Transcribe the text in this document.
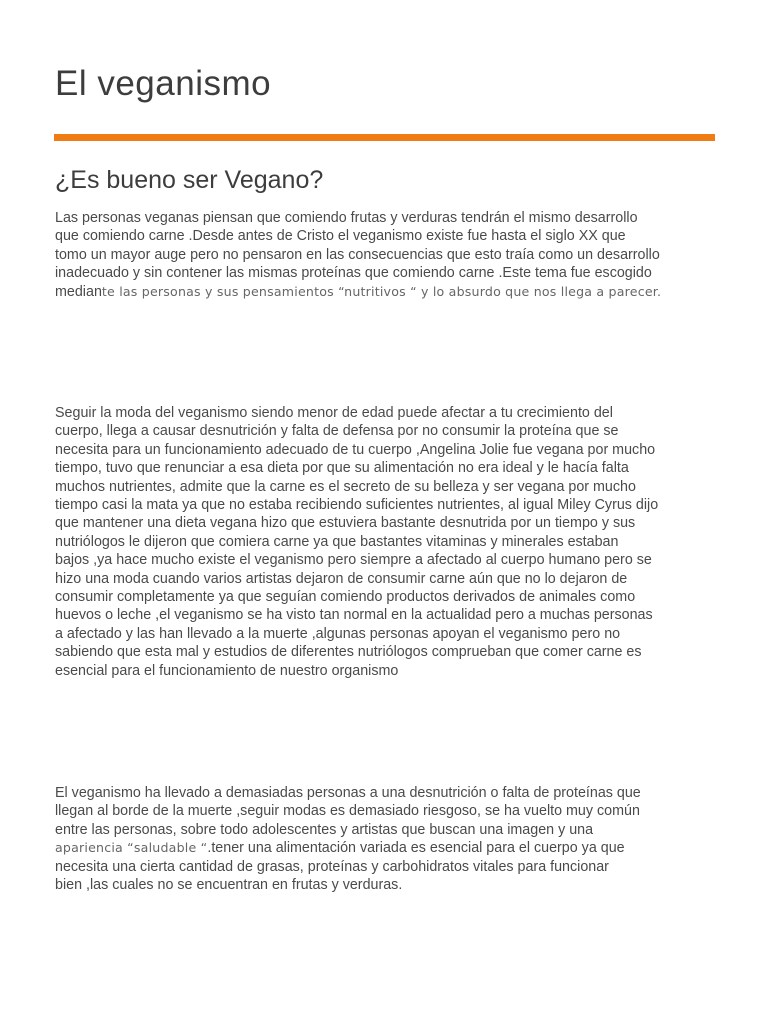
El veganismo
¿Es bueno ser Vegano?
Las personas veganas piensan que comiendo frutas y verduras tendrán el mismo desarrollo
que comiendo carne .Desde antes de Cristo el veganismo existe fue hasta el siglo XX que
tomo un mayor auge pero no pensaron en las consecuencias que esto traía como un desarrollo
inadecuado y sin contener las mismas proteínas que comiendo carne .Este tema fue escogido
mediante las personas y sus pensamientos “nutritivos “ y lo absurdo que nos llega a parecer.
Seguir la moda del veganismo siendo menor de edad puede afectar a tu crecimiento del
cuerpo, llega a causar desnutrición y falta de defensa por no consumir la proteína que se
necesita para un funcionamiento adecuado de tu cuerpo ,Angelina Jolie fue vegana por mucho
tiempo, tuvo que renunciar a esa dieta por que su alimentación no era ideal y le hacía falta
muchos nutrientes, admite que la carne es el secreto de su belleza y ser vegana por mucho
tiempo casi la mata ya que no estaba recibiendo suficientes nutrientes, al igual Miley Cyrus dijo
que mantener una dieta vegana hizo que estuviera bastante desnutrida por un tiempo y sus
nutriólogos le dijeron que comiera carne ya que bastantes vitaminas y minerales estaban
bajos ,ya hace mucho existe el veganismo pero siempre a afectado al cuerpo humano pero se
hizo una moda cuando varios artistas dejaron de consumir carne aún que no lo dejaron de
consumir completamente ya que seguían comiendo productos derivados de animales como
huevos o leche ,el veganismo se ha visto tan normal en la actualidad pero a muchas personas
a afectado y las han llevado a la muerte ,algunas personas apoyan el veganismo pero no
sabiendo que esta mal y estudios de diferentes nutriólogos comprueban que comer carne es
esencial para el funcionamiento de nuestro organismo
El veganismo ha llevado a demasiadas personas a una desnutrición o falta de proteínas que
llegan al borde de la muerte ,seguir modas es demasiado riesgoso, se ha vuelto muy común
entre las personas, sobre todo adolescentes y artistas que buscan una imagen y una
apariencia “saludable “.tener una alimentación variada es esencial para el cuerpo ya que
necesita una cierta cantidad de grasas, proteínas y carbohidratos vitales para funcionar
bien ,las cuales no se encuentran en frutas y verduras.
